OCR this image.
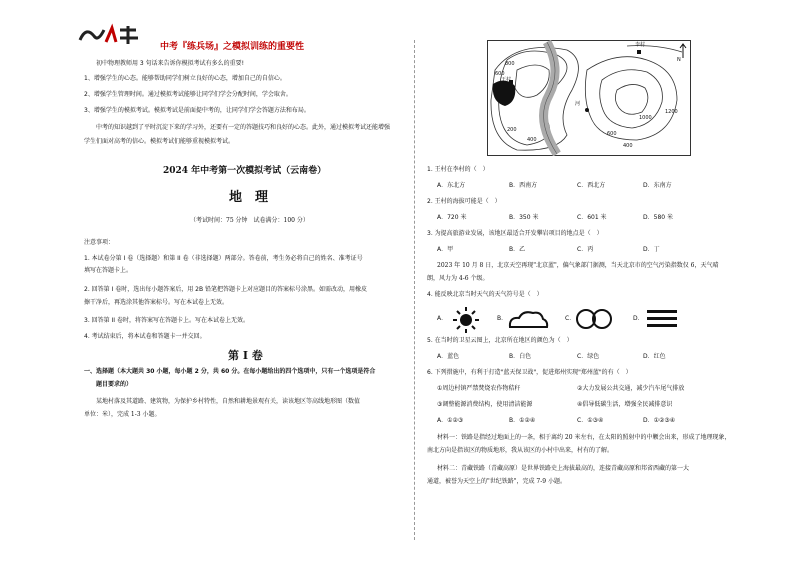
中考『练兵场』之模拟训练的重要性
初中物理教师用 3 句话来告诉你模拟考试有多么的重要!
1、增强学生的心态。能够帮助同学们树立良好的心态，增加自己的自信心。
2、增强学生管理时间。通过模拟考试能够让同学们学会分配时间，学会取舍。
3、增强学生的模拟考试。模拟考试是前面提中考的，让同学们学会答题方法和布局。
中考的知识越到了平时沉淀下来的学习外，还要有一定的答题技巧和良好的心态。此外，通过模拟考试还能增强
学生们面对高考的信心。模拟考试们能够重视模拟考试。
2024 年中考第一次模拟考试（云南卷）
地　理
（考试时间：75 分钟　试卷满分：100 分）
注意事项：
1. 本试卷分第 I 卷（选择题）和第 II 卷（非选择题）两部分。答卷前，考生务必将自己的姓名、准考证号
填写在答题卡上。
2. 回答第 I 卷时，选出每小题答案后，用 2B 铅笔把答题卡上对应题目的答案标号涂黑。如需改动，用橡皮
擦干净后，再选涂其他答案标号。写在本试卷上无效。
3. 回答第 II 卷时，将答案写在答题卡上。写在本试卷上无效。
4. 考试结束后，将本试卷和答题卡一并交回。
第 I 卷
一、选择题（本大题共 30 小题，每小题 2 分，共 60 分。在每小题给出的四个选项中，只有一个选项是符合
题目要求的）
某地村落及其道路、建筑物，为保护乡村特性，自然和耕地景观有关，读该地区等高线地形图（数值
单位：米），完成 1-3 小题。
李村
王村
河
800
600
400
200
1000
1200
600
400
N
1. 王村在李村的（　）
A．东北方	B．西南方	C．西北方	D．东南方
2. 王村的海拔可能是（　）
A．720 米	B．350 米	C．601 米	D．580 米
3. 为提高旅游业发展，该地区最适合开发攀岩项目的地点是（　）
A．甲	B．乙	C．丙	D．丁
2023 年 10 月 8 日，北京天空再现"北京蓝"，偏气象部门据测，当天北京市的空气污染指数仅 6，天气晴
朗，风力为 4-6 个级。
4. 能反映北京当时天气的天气符号是（　）
A．	B．	C．	D．
5. 在当时的卫星云图上，北京所在地区的颜色为（　）
A．蓝色	B．白色	C．绿色	D．红色
6. 下列措施中，有利于打造"蓝天保卫战"，促进郑州实现"郑州蓝"的有（　）
①周边村镇严禁焚烧农作物秸秆	②大力发展公共交通，减少汽车尾气排放
③调整能源消费结构，使用清洁能源	④倡导低碳生活，增强全民减排意识
A．①②③	B．①②④	C．①③④	D．①②③④
材料一：铁路是指经过地面上的一条，相于离约 20 米左右，在太阳的照射中的中颗会出来，形成了地理现象，
南北方向是指该区的物质地形，我从该区的小村中出来，村有的了解。
材料二：青藏铁路（青藏高原）是世界铁路史上海拔最高的，连接青藏高原和邦省西藏的第一大
通道，被誉为天空上的"世纪铁路"，完成 7-9 小题。
